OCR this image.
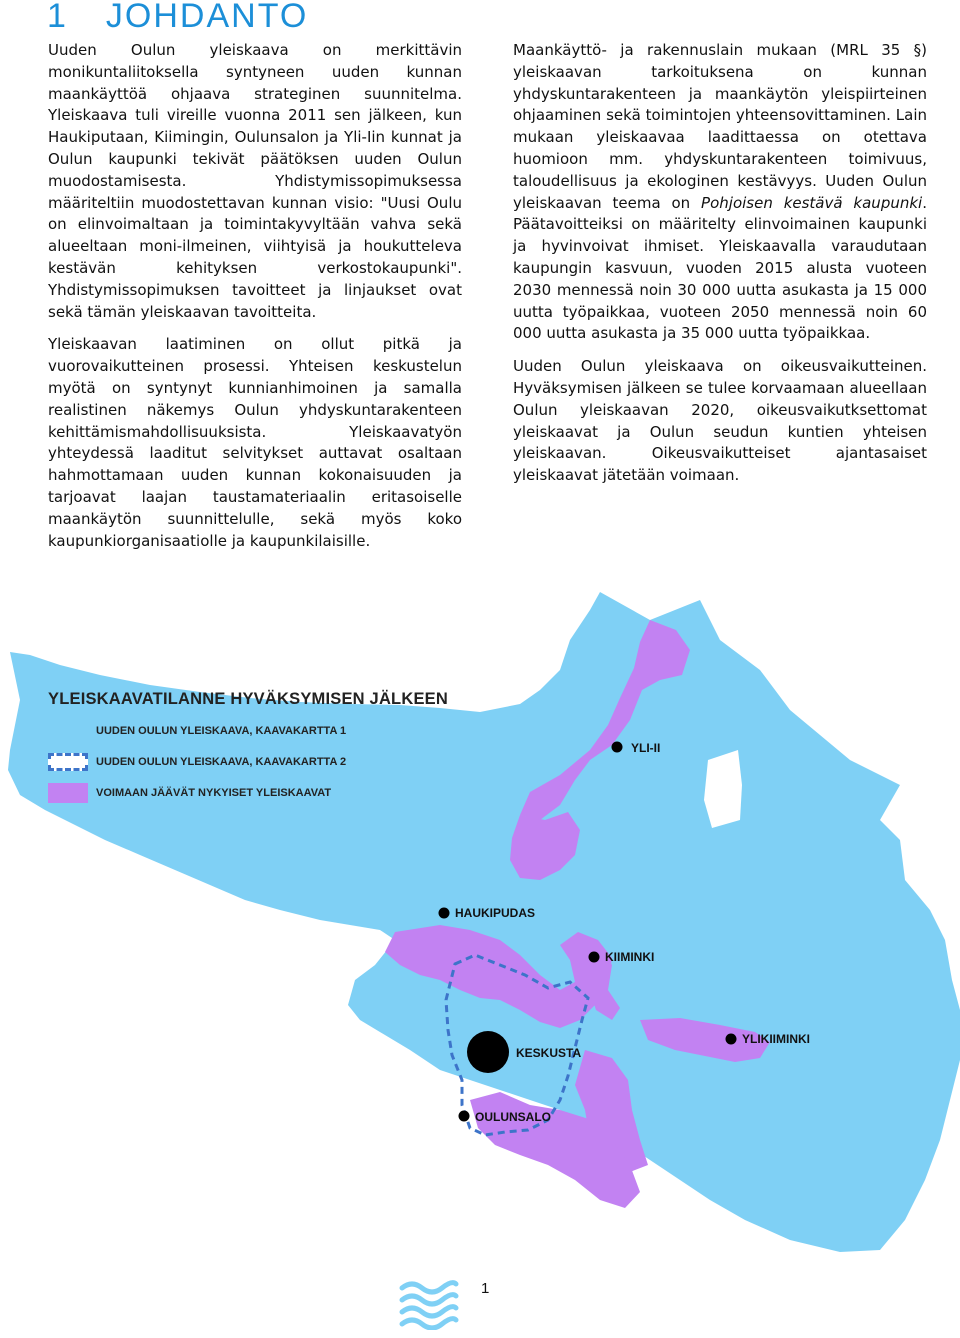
1 JOHDANTO

Uuden Oulun yleiskaava on merkittävin monikuntaliitoksella syntyneen uuden kunnan maankäyttöä ohjaava strateginen suunnitelma. Yleiskaava tuli vireille vuonna 2011 sen jälkeen, kun Haukiputaan, Kiimingin, Oulunsalon ja Yli-Iin kunnat ja Oulun kaupunki tekivät päätöksen uuden Oulun muodostamisesta. Yhdistymissopimuksessa määriteltiin muodostettavan kunnan visio: "Uusi Oulu on elinvoimaltaan ja toimintakyvyltään vahva sekä alueeltaan moni-ilmeinen, viihtyisä ja houkutteleva kestävän kehityksen verkostokaupunki". Yhdistymissopimuksen tavoitteet ja linjaukset ovat sekä tämän yleiskaavan tavoitteita.

Yleiskaavan laatiminen on ollut pitkä ja vuorovaikutteinen prosessi. Yhteisen keskustelun myötä on syntynyt kunnianhimoinen ja samalla realistinen näkemys Oulun yhdyskuntarakenteen kehittämismahdollisuuksista. Yleiskaavatyön yhteydessä laaditut selvitykset auttavat osaltaan hahmottamaan uuden kunnan kokonaisuuden ja tarjoavat laajan taustamateriaalin eritasoiselle maankäytön suunnittelulle, sekä myös koko kaupunkiorganisaatiolle ja kaupunkilaisille.

Maankäyttö- ja rakennuslain mukaan (MRL 35 §) yleiskaavan tarkoituksena on kunnan yhdyskuntarakenteen ja maankäytön yleispiirteinen ohjaaminen sekä toimintojen yhteensovittaminen. Lain mukaan yleiskaavaa laadittaessa on otettava huomioon mm. yhdyskuntarakenteen toimivuus, taloudellisuus ja ekologinen kestävyys. Uuden Oulun yleiskaavan teema on Pohjoisen kestävä kaupunki. Päätavoitteiksi on määritelty elinvoimainen kaupunki ja hyvinvoivat ihmiset. Yleiskaavalla varaudutaan kaupungin kasvuun, vuoden 2015 alusta vuoteen 2030 mennessä noin 30 000 uutta asukasta ja 15 000 uutta työpaikkaa, vuoteen 2050 mennessä noin 60 000 uutta asukasta ja 35 000 uutta työpaikkaa.

Uuden Oulun yleiskaava on oikeusvaikutteinen. Hyväksymisen jälkeen se tulee korvaamaan alueellaan Oulun yleiskaavan 2020, oikeusvaikutksettomat yleiskaavat ja Oulun seudun kuntien yhteisen yleiskaavan. Oikeusvaikutteiset ajantasaiset yleiskaavat jätetään voimaan.

YLEISKAAVATILANNE HYVÄKSYMISEN JÄLKEEN
UUDEN OULUN YLEISKAAVA, KAAVAKARTTA 1
UUDEN OULUN YLEISKAAVA, KAAVAKARTTA 2
VOIMAAN JÄÄVÄT NYKYISET YLEISKAAVAT
YLI-II
HAUKIPUDAS
KIIMINKI
KESKUSTA
YLIKIIMINKI
OULUNSALO
1
